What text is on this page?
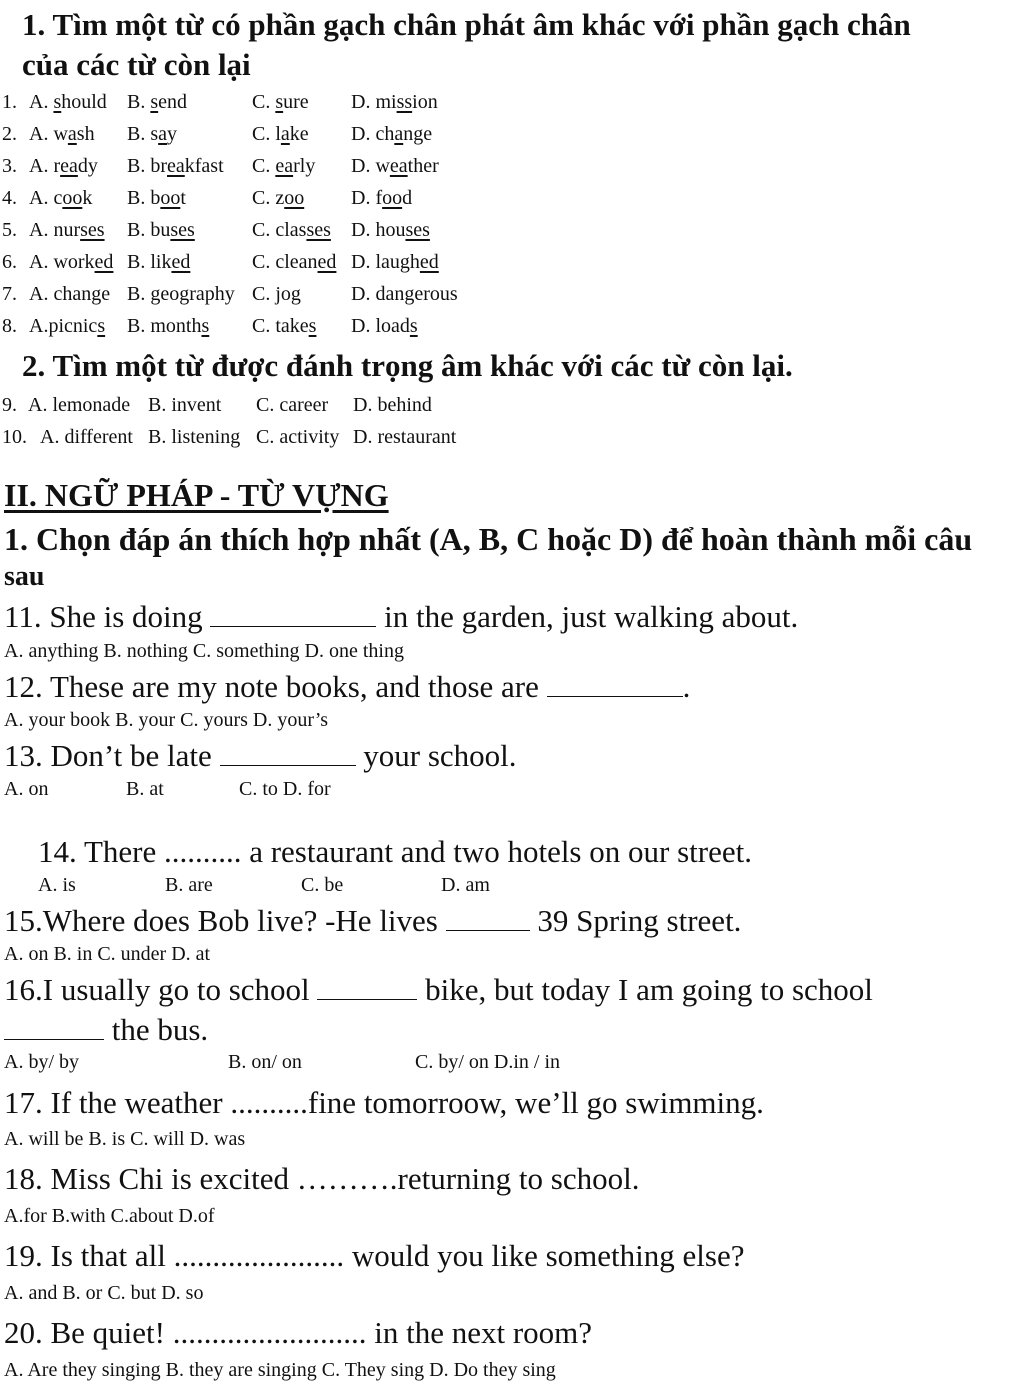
1. Tìm một từ có phần gạch chân phát âm khác với phần gạch chân
của các từ còn lại
1. A. should B. send	C. sure D. mission
2. A. wash B. say	C. lake D. change
3. A. ready B. breakfast C. early D. weather
4. A. cook B. boot	C. zoo D. food
5. A. nurses B. buses	C. classes D. houses
6. A. worked B. liked	C. cleaned D. laughed
7. A. change B. geography C. jog	D. dangerous
8. A.picnics B. months C. takes D. loads
2. Tìm một từ được đánh trọng âm khác với các từ còn lại.
9. A. lemonade B. invent C. career D. behind
10. A. different B. listening C. activity D. restaurant
II. NGỮ PHÁP - TỪ VỰNG
1. Chọn đáp án thích hợp nhất (A, B, C hoặc D) để hoàn thành mỗi câu
sau
11. She is doing	in the garden, just walking about.
A. anything B. nothing C. something D. one thing
12. These are my note books, and those are	.
A. your book B. your C. yours D. your’s
13. Don’t be late	your school.
A. on	B. at	C. to D. for
14. There .......... a restaurant and two hotels on our street.
A. is	B. are	C. be	D. am
15.Where does Bob live? -He lives	39 Spring street.
A. on B. in C. under D. at
16.I usually go to school	bike, but today I am going to school
the bus.
A. by/ by	B. on/ on	C. by/ on D.in / in
17. If the weather ..........fine tomorroow, we’ll go swimming.
A. will be B. is C. will D. was
18. Miss Chi is excited ……….returning to school.
A.for B.with C.about D.of
19. Is that all ...................... would you like something else?
A. and B. or C. but D. so
20. Be quiet! ......................... in the next room?
A. Are they singing B. they are singing C. They sing D. Do they sing
